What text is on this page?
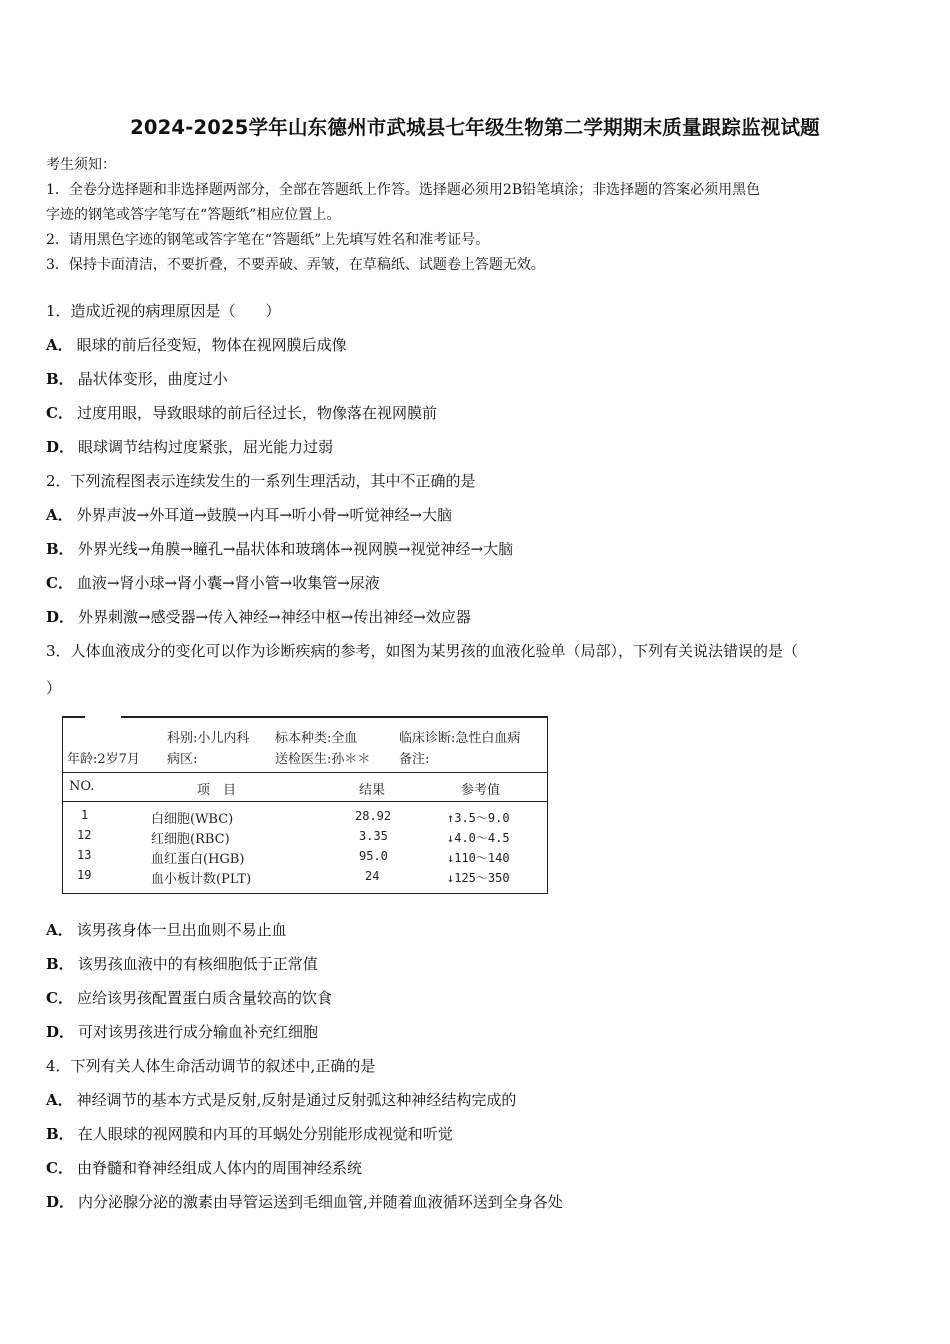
2024-2025学年山东德州市武城县七年级生物第二学期期末质量跟踪监视试题

考生须知：

1．全卷分选择题和非选择题两部分，全部在答题纸上作答。选择题必须用2B铅笔填涂；非选择题的答案必须用黑色

字迹的钢笔或答字笔写在“答题纸”相应位置上。

2．请用黑色字迹的钢笔或答字笔在“答题纸”上先填写姓名和准考证号。

3．保持卡面清洁，不要折叠，不要弄破、弄皱，在草稿纸、试题卷上答题无效。

1．造成近视的病理原因是（　　）
A． 眼球的前后径变短，物体在视网膜后成像
B． 晶状体变形，曲度过小
C． 过度用眼，导致眼球的前后径过长，物像落在视网膜前
D． 眼球调节结构过度紧张，屈光能力过弱
2．下列流程图表示连续发生的一系列生理活动，其中不正确的是
A． 外界声波→外耳道→鼓膜→内耳→听小骨→听觉神经→大脑
B． 外界光线→角膜→瞳孔→晶状体和玻璃体→视网膜→视觉神经→大脑
C． 血液→肾小球→肾小囊→肾小管→收集管→尿液
D． 外界刺激→感受器→传入神经→神经中枢→传出神经→效应器
3．人体血液成分的变化可以作为诊断疾病的参考，如图为某男孩的血液化验单（局部），下列有关说法错误的是（
）
科别:小儿内科 标本种类:全血	临床诊断:急性白血病
年龄:2岁7月 病区:	送检医生:孙＊＊ 备注:
NO.	项　目	结果	参考值
1	白细胞(WBC)	28.92	↑3.5～9.0
12	红细胞(RBC)	3.35	↓4.0～4.5
13	血红蛋白(HGB)	95.0	↓110～140
19	血小板计数(PLT)	24	↓125～350
A． 该男孩身体一旦出血则不易止血
B． 该男孩血液中的有核细胞低于正常值
C． 应给该男孩配置蛋白质含量较高的饮食
D． 可对该男孩进行成分输血补充红细胞
4．下列有关人体生命活动调节的叙述中,正确的是
A． 神经调节的基本方式是反射,反射是通过反射弧这种神经结构完成的
B． 在人眼球的视网膜和内耳的耳蜗处分别能形成视觉和听觉
C． 由脊髓和脊神经组成人体内的周围神经系统
D． 内分泌腺分泌的激素由导管运送到毛细血管,并随着血液循环送到全身各处
